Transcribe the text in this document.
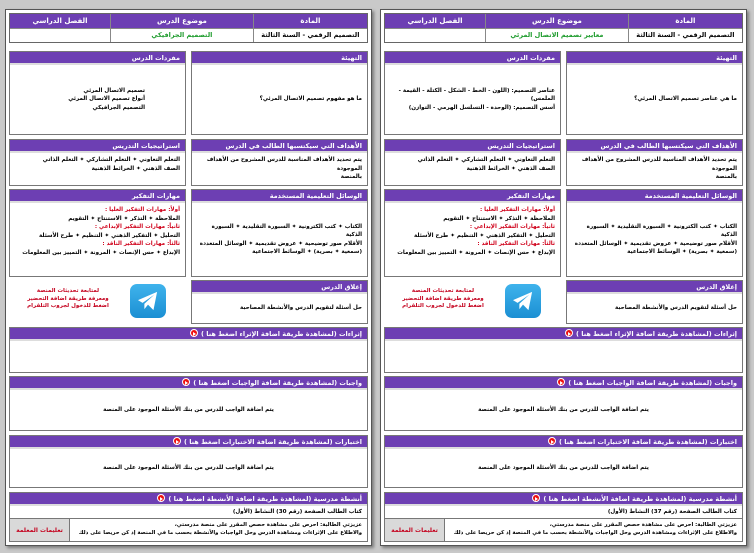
المادة
موضوع الدرس
الفصل الدراسي
التصميم الرقمي - السنة الثالثة
التصميم الجرافيكي
التهيئة
ما هو مفهوم تصميم الاتصال المرئي؟
مفردات الدرس
تصميم الاتصال المرئي
أنواع تصميم الاتصال المرئي
التصميم الجرافيكي
الأهداف التي سيكتسبها الطالب في الدرس
يتم تحديد الأهداف المناسبة للدرس المشروح من الأهداف الموجودة
بالمنصة
استراتيجيات التدريس
التعلم التعاوني ✦ التعلم التشاركي ✦ التعلم الذاتي
الصف الذهني ✦ الخرائط الذهنية
الوسائل التعليمية المستخدمة
الكتاب ✦ كتب الكترونية ✦ السبورة التقليدية ✦ السبورة الذكية
الأقلام صور توضيحية ✦ عروض تقديمية ✦ الوسائل المتعددة
(سمعية ✦ بصرية) ✦ الوسائط الاجتماعية
مهارات التفكير
أولاً: مهارات التفكير العليا :
الملاحظة ✦ التذكر ✦ الاستنتاج ✦ التقويم
ثانياً: مهارات التفكير الإبداعي :
التحليل ✦ التفكير الذهني ✦ التنظيم ✦ طرح الأسئلة
ثالثاً: مهارات التفكير الناقد :
الإبداع ✦ حس الإنصات ✦ المرونة ✦ التمييز بين المعلومات
إغلاق الدرس
حل أسئلة لتقويم الدرس والأنشطة المصاحبة
لمتابعة تحديثات المنصة
ومعرفة طريقة اضافة التحضير
اضغط للدخول لجروب التلقرام
إثراءات (لمشاهدة طريقة اضافة الإثراء اضغط هنا )
واجبات (لمشاهدة طريقة اضافة الواجبات اضغط هنا )
يتم اضافة الواجب للدرس من بنك الأسئلة الموجود على المنصة
اختبارات (لمشاهدة طريقة اضافة الاختبارات اضغط هنا )
يتم اضافة الواجب للدرس من بنك الأسئلة الموجود على المنصة
أنشطة مدرسية (لمشاهدة طريقة اضافة الأنشطة اضغط هنا )
كتاب الطالب الصفحة (رقم 30) النشاط (الأول)
عزيزتي الطالبة: احرص على مشاهدة حصص المقرر على منصة مدرستي،
والاطلاع على الإثراءات ومشاهدة الدرس وحل الواجبات والأنشطة بحسب ما في المنصة إذ كن حريصا على ذلك
تعليمات المعلمة
المادة
موضوع الدرس
الفصل الدراسي
التصميم الرقمي - السنة الثالثة
معايير تصميم الاتصال المرئي
التهيئة
ما هي عناصر تصميم الاتصال المرئي؟
مفردات الدرس
عناصر التصميم: (اللون - الخط - الشكل - الكتلة - القيمة - الملمس)
أسس التصميم: (الوحدة - التسلسل الهرمي - التوازن)
الأهداف التي سيكتسبها الطالب في الدرس
يتم تحديد الأهداف المناسبة للدرس المشروح من الأهداف الموجودة
بالمنصة
استراتيجيات التدريس
التعلم التعاوني ✦ التعلم التشاركي ✦ التعلم الذاتي
الصف الذهني ✦ الخرائط الذهنية
الوسائل التعليمية المستخدمة
الكتاب ✦ كتب الكترونية ✦ السبورة التقليدية ✦ السبورة الذكية
الأقلام صور توضيحية ✦ عروض تقديمية ✦ الوسائل المتعددة
(سمعية ✦ بصرية) ✦ الوسائط الاجتماعية
مهارات التفكير
أولاً: مهارات التفكير العليا :
الملاحظة ✦ التذكر ✦ الاستنتاج ✦ التقويم
ثانياً: مهارات التفكير الإبداعي :
التحليل ✦ التفكير الذهني ✦ التنظيم ✦ طرح الأسئلة
ثالثاً: مهارات التفكير الناقد :
الإبداع ✦ حس الإنصات ✦ المرونة ✦ التمييز بين المعلومات
إغلاق الدرس
حل أسئلة لتقويم الدرس والأنشطة المصاحبة
لمتابعة تحديثات المنصة
ومعرفة طريقة اضافة التحضير
اضغط للدخول لجروب التلقرام
إثراءات (لمشاهدة طريقة اضافة الإثراء اضغط هنا )
واجبات (لمشاهدة طريقة اضافة الواجبات اضغط هنا )
يتم اضافة الواجب للدرس من بنك الأسئلة الموجود على المنصة
اختبارات (لمشاهدة طريقة اضافة الاختبارات اضغط هنا )
يتم اضافة الواجب للدرس من بنك الأسئلة الموجود على المنصة
أنشطة مدرسية (لمشاهدة طريقة اضافة الأنشطة اضغط هنا )
كتاب الطالب الصفحة (رقم 37) النشاط (الأول)
عزيزتي الطالبة: احرص على مشاهدة حصص المقرر على منصة مدرستي،
والاطلاع على الإثراءات ومشاهدة الدرس وحل الواجبات والأنشطة بحسب ما في المنصة إذ كن حريصا على ذلك
تعليمات المعلمة
